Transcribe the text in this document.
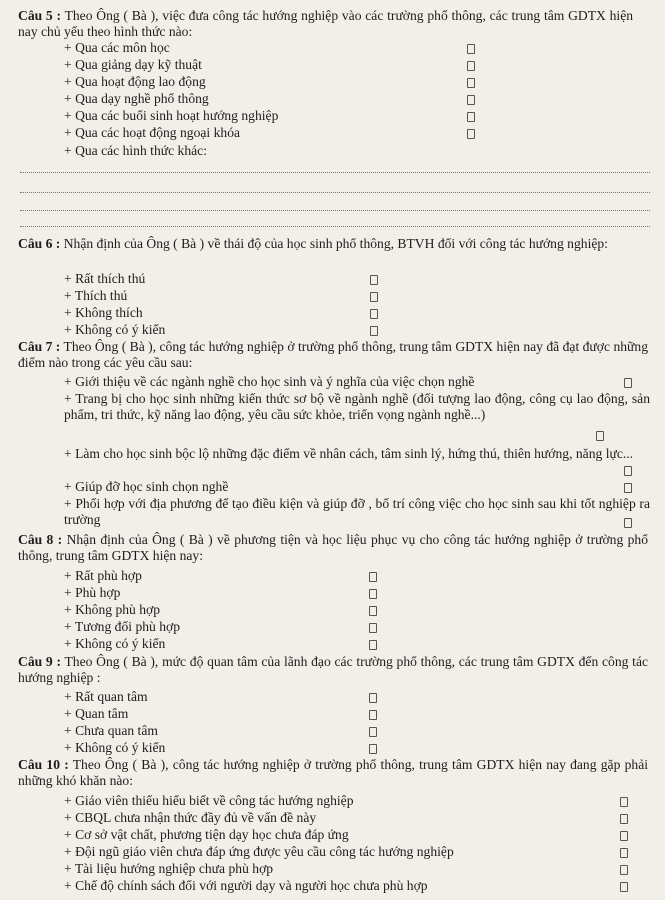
Câu 5 : Theo Ông ( Bà ), việc đưa công tác hướng nghiệp vào các trường phổ thông, các trung tâm GDTX hiện nay chủ yếu theo hình thức nào:
+ Qua các môn học
+ Qua giảng dạy kỹ thuật
+ Qua hoạt động lao động
+ Qua dạy nghề phổ thông
+ Qua các buổi sinh hoạt hướng nghiệp
+ Qua các hoạt động ngoại khóa
+ Qua các hình thức khác:
Câu 6 : Nhận định của Ông ( Bà ) về thái độ của học sinh phổ thông, BTVH đối với công tác hướng nghiệp:
+ Rất thích thú
+ Thích thú
+ Không thích
+ Không có ý kiến
Câu 7 : Theo Ông ( Bà ), công tác hướng nghiệp ở trường phổ thông, trung tâm GDTX hiện nay đã đạt được những điểm nào trong các yêu cầu sau:
+ Giới thiệu về các ngành nghề cho học sinh và ý nghĩa của việc chọn nghề
+ Trang bị cho học sinh những kiến thức sơ bộ về ngành nghề (đối tượng lao động, công cụ lao động, sản phẩm, tri thức, kỹ năng lao động, yêu cầu sức khỏe, triển vọng ngành nghề...)
+ Làm cho học sinh bộc lộ những đặc điểm về nhân cách, tâm sinh lý, hứng thú, thiên hướng, năng lực...
+ Giúp đỡ học sinh chọn nghề
+ Phối hợp với địa phương để tạo điều kiện và giúp đỡ , bố trí công việc cho học sinh sau khi tốt nghiệp ra trường
Câu 8 : Nhận định của Ông ( Bà ) về phương tiện và học liệu phục vụ cho công tác hướng nghiệp ở trường phổ thông, trung tâm GDTX hiện nay:
+ Rất phù hợp
+ Phù hợp
+ Không phù hợp
+ Tương đối phù hợp
+ Không có ý kiến
Câu 9 : Theo Ông ( Bà ), mức độ quan tâm của lãnh đạo các trường phổ thông, các trung tâm GDTX đến công tác hướng nghiệp :
+ Rất quan tâm
+ Quan tâm
+ Chưa quan tâm
+ Không có ý kiến
Câu 10 : Theo Ông ( Bà ), công tác hướng nghiệp ở trường phổ thông, trung tâm GDTX hiện nay đang gặp phải những khó khăn nào:
+ Giáo viên thiếu hiểu biết về công tác hướng nghiệp
+ CBQL chưa nhận thức đầy đủ về vấn đề này
+ Cơ sở vật chất, phương tiện dạy học chưa đáp ứng
+ Đội ngũ giáo viên chưa đáp ứng được yêu cầu công tác hướng nghiệp
+ Tài liệu hướng nghiệp chưa phù hợp
+ Chế độ chính sách đối với người dạy và người học chưa phù hợp
